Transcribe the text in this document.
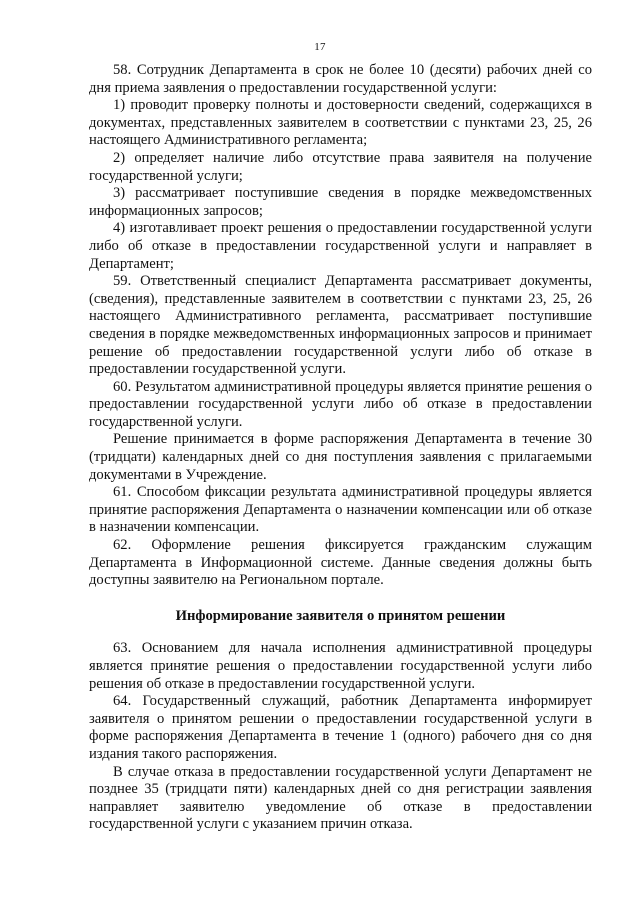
17

58. Сотрудник Департамента в срок не более 10 (десяти) рабочих дней со дня приема заявления о предоставлении государственной услуги:

1) проводит проверку полноты и достоверности сведений, содержащихся в документах, представленных заявителем в соответствии с пунктами 23, 25, 26 настоящего Административного регламента;

2) определяет наличие либо отсутствие права заявителя на получение государственной услуги;

3) рассматривает поступившие сведения в порядке межведомственных информационных запросов;

4) изготавливает проект решения о предоставлении государственной услуги либо об отказе в предоставлении государственной услуги и направляет в Департамент;

59. Ответственный специалист Департамента рассматривает документы, (сведения), представленные заявителем в соответствии с пунктами 23, 25, 26 настоящего Административного регламента, рассматривает поступившие сведения в порядке межведомственных информационных запросов и принимает решение об предоставлении государственной услуги либо об отказе в предоставлении государственной услуги.

60. Результатом административной процедуры является принятие решения о предоставлении государственной услуги либо об отказе в предоставлении государственной услуги.

Решение принимается в форме распоряжения Департамента в течение 30 (тридцати) календарных дней со дня поступления заявления с прилагаемыми документами в Учреждение.

61. Способом фиксации результата административной процедуры является принятие распоряжения Департамента о назначении компенсации или об отказе в назначении компенсации.

62. Оформление решения фиксируется гражданским служащим Департамента в Информационной системе. Данные сведения должны быть доступны заявителю на Региональном портале.

Информирование заявителя о принятом решении

63. Основанием для начала исполнения административной процедуры является принятие решения о предоставлении государственной услуги либо решения об отказе в предоставлении государственной услуги.

64. Государственный служащий, работник Департамента информирует заявителя о принятом решении о предоставлении государственной услуги в форме распоряжения Департамента в течение 1 (одного) рабочего дня со дня издания такого распоряжения.

В случае отказа в предоставлении государственной услуги Департамент не позднее 35 (тридцати пяти) календарных дней со дня регистрации заявления направляет заявителю уведомление об отказе в предоставлении государственной услуги с указанием причин отказа.
